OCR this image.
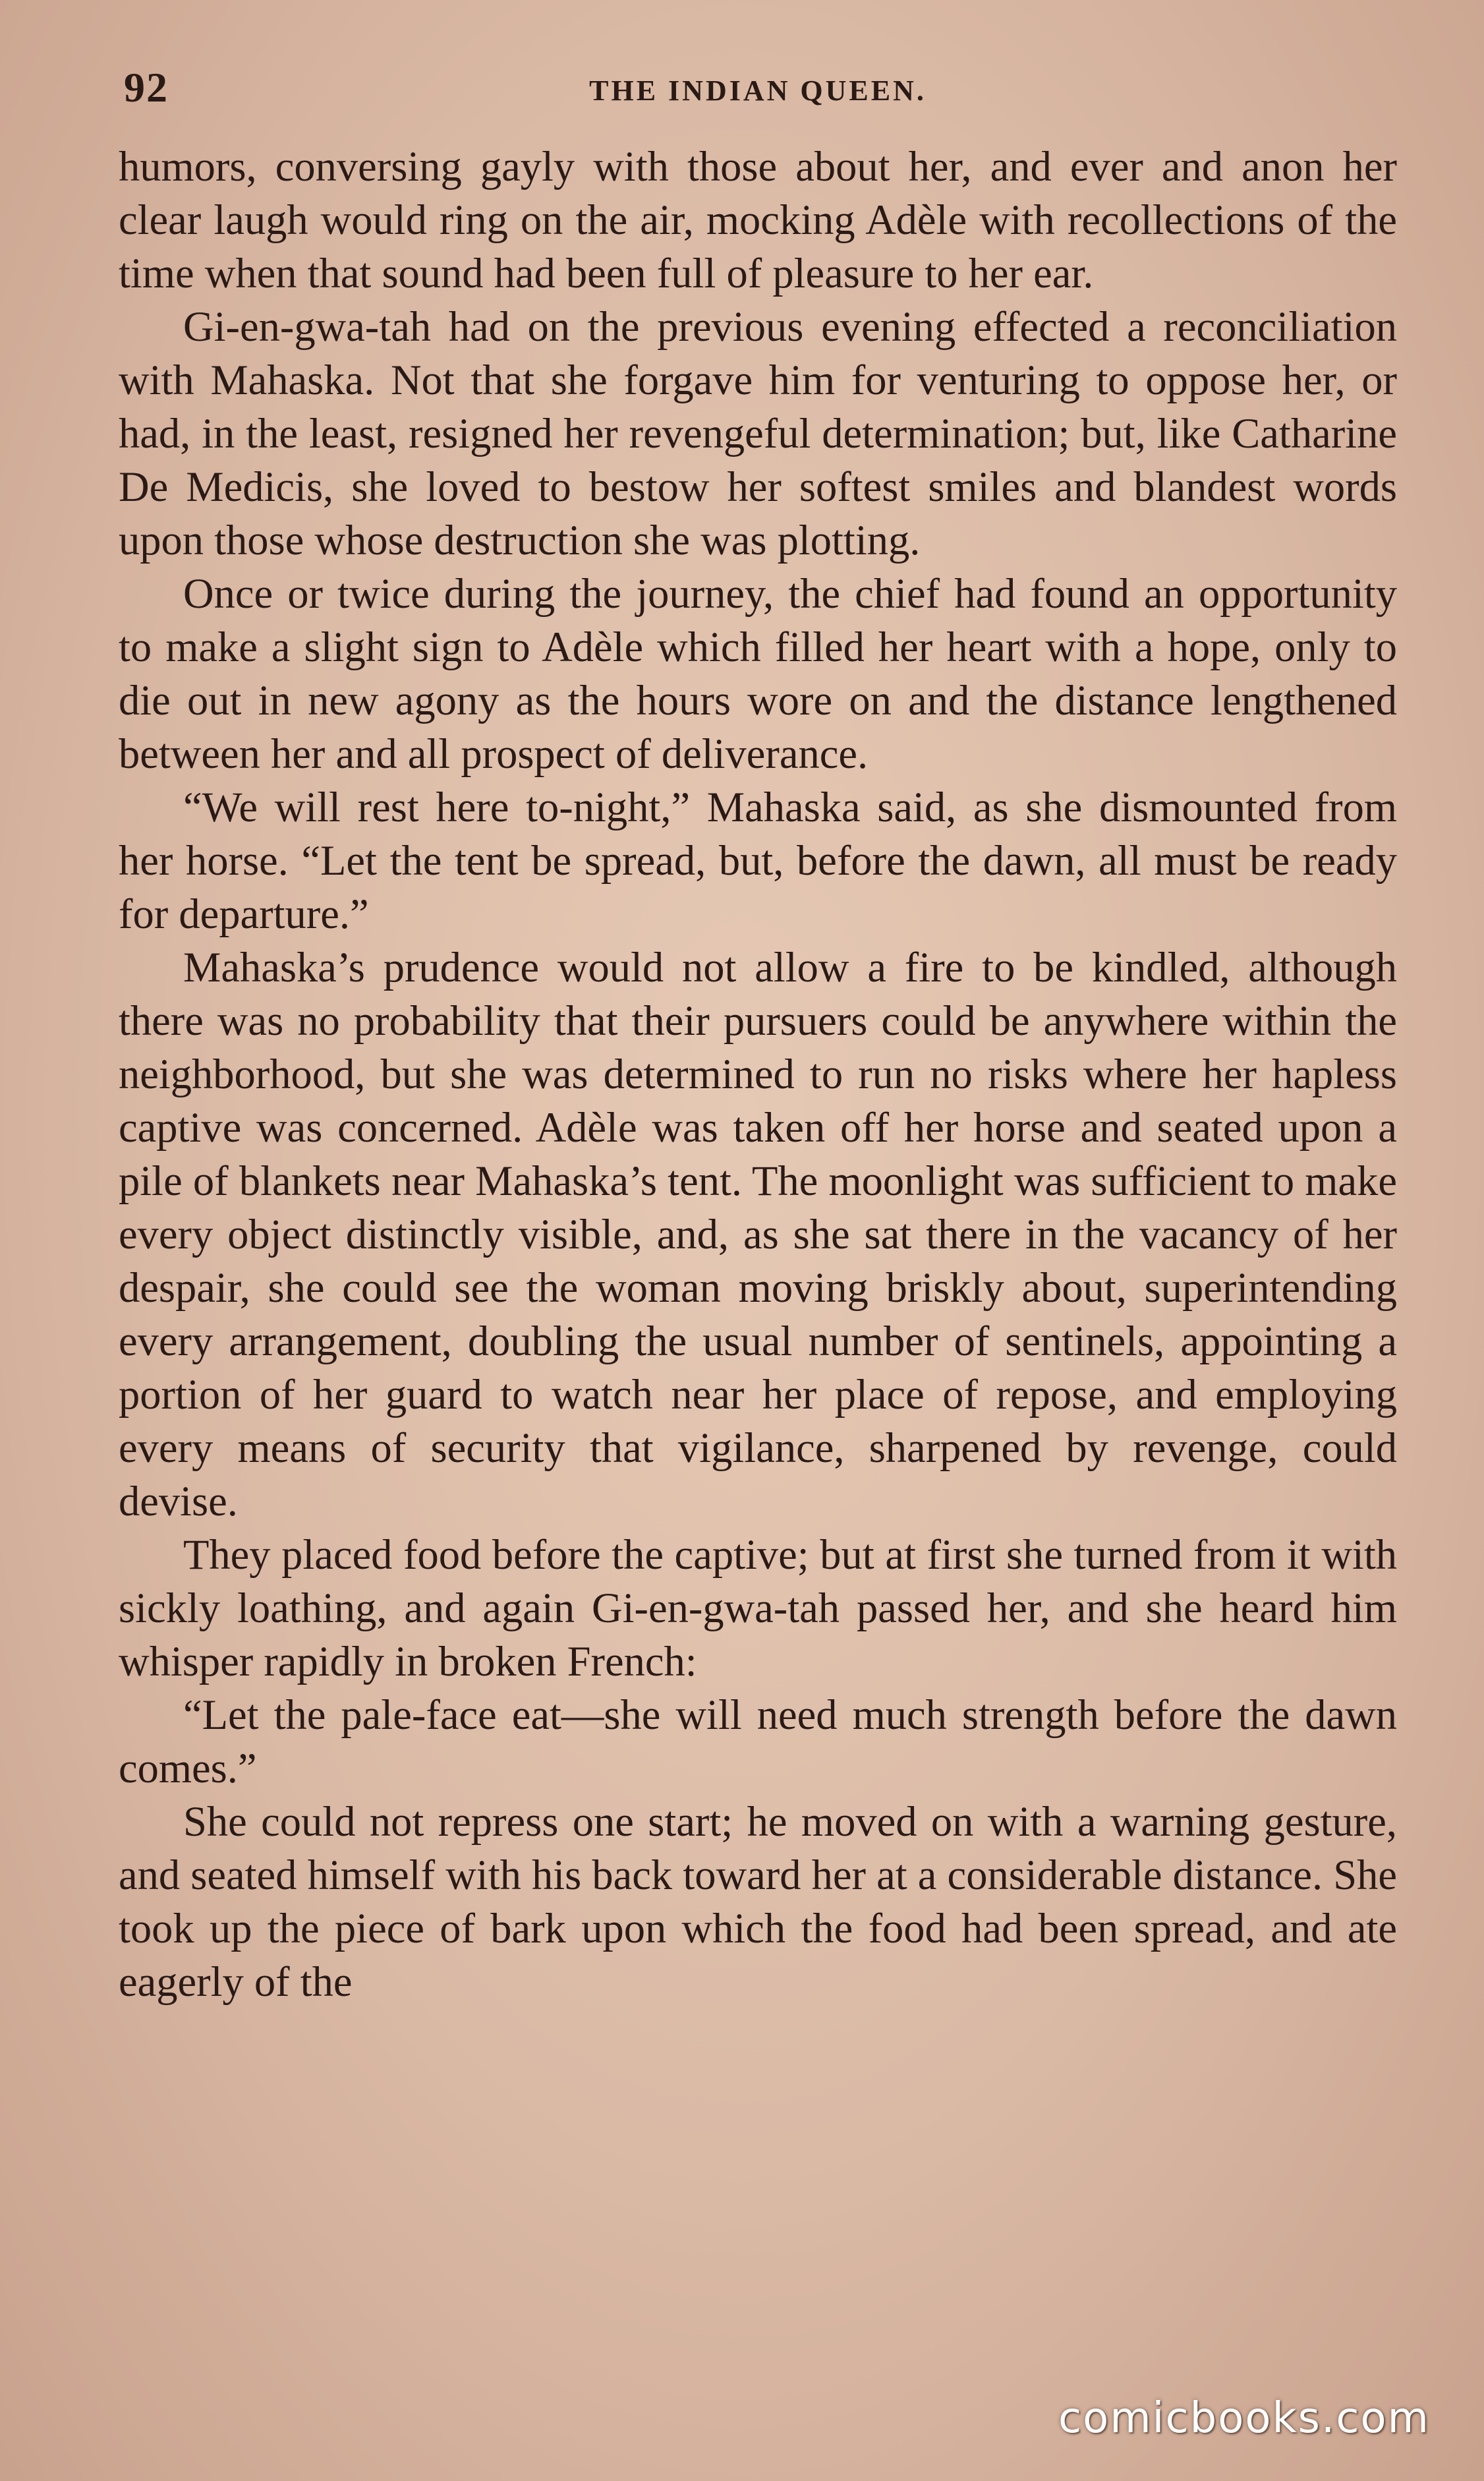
92	THE INDIAN QUEEN.

humors, conversing gayly with those about her, and ever and anon her clear laugh would ring on the air, mocking Adèle with recollections of the time when that sound had been full of pleasure to her ear.

Gi-en-gwa-tah had on the previous evening effected a reconciliation with Mahaska. Not that she forgave him for venturing to oppose her, or had, in the least, resigned her revengeful determination; but, like Catharine De Medicis, she loved to bestow her softest smiles and blandest words upon those whose destruction she was plotting.

Once or twice during the journey, the chief had found an opportunity to make a slight sign to Adèle which filled her heart with a hope, only to die out in new agony as the hours wore on and the distance lengthened between her and all prospect of deliverance.

“We will rest here to-night,” Mahaska said, as she dismounted from her horse. “Let the tent be spread, but, before the dawn, all must be ready for departure.”

Mahaska’s prudence would not allow a fire to be kindled, although there was no probability that their pursuers could be anywhere within the neighborhood, but she was determined to run no risks where her hapless captive was concerned. Adèle was taken off her horse and seated upon a pile of blankets near Mahaska’s tent. The moonlight was sufficient to make every object distinctly visible, and, as she sat there in the vacancy of her despair, she could see the woman moving briskly about, superintending every arrangement, doubling the usual number of sentinels, appointing a portion of her guard to watch near her place of repose, and employing every means of security that vigilance, sharpened by revenge, could devise.

They placed food before the captive; but at first she turned from it with sickly loathing, and again Gi-en-gwa-tah passed her, and she heard him whisper rapidly in broken French:

“Let the pale-face eat—she will need much strength before the dawn comes.”

She could not repress one start; he moved on with a warning gesture, and seated himself with his back toward her at a considerable distance. She took up the piece of bark upon which the food had been spread, and ate eagerly of the

comicbooks.com
